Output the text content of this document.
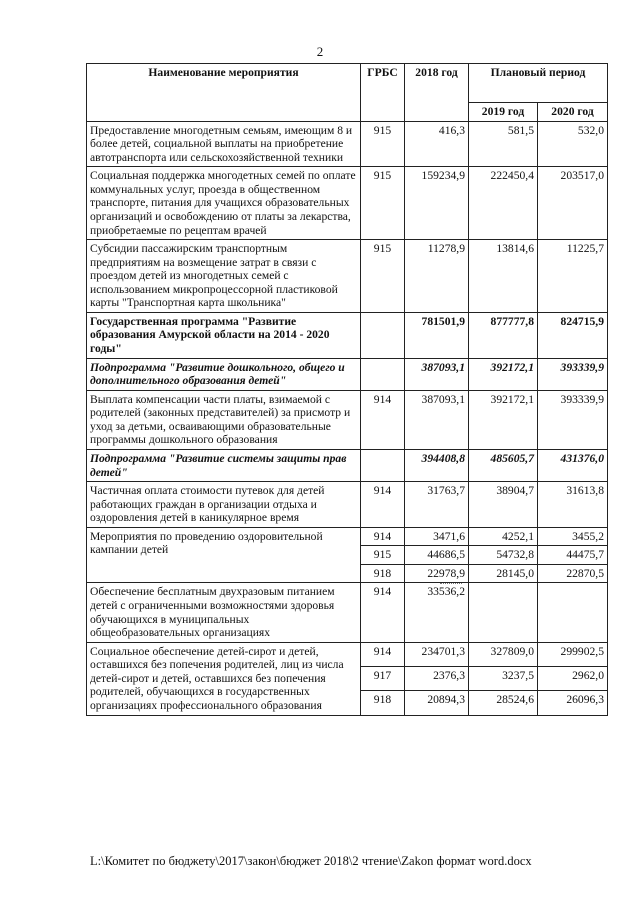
2
Наименование мероприятия	ГРБС	2018 год	Плановый период	
			2019 год	2020 год
Предоставление многодетным семьям, имеющим 8 и более детей, социальной выплаты на приобретение автотранспорта или сельскохозяйственной техники	915	416,3	581,5	532,0
Социальная поддержка многодетных семей по оплате коммунальных услуг, проезда в общественном транспорте, питания для учащихся образовательных организаций и освобождению от платы за лекарства, приобретаемые по рецептам врачей	915	159234,9	222450,4	203517,0
Субсидии пассажирским транспортным предприятиям на возмещение затрат в связи с проездом детей из многодетных семей с использованием микропроцессорной пластиковой карты "Транспортная карта школьника"	915	11278,9	13814,6	11225,7
Государственная программа "Развитие образования Амурской области на 2014 - 2020 годы"		781501,9	877777,8	824715,9
Подпрограмма "Развитие дошкольного, общего и дополнительного образования детей"		387093,1	392172,1	393339,9
Выплата компенсации части платы, взимаемой с родителей (законных представителей) за присмотр и уход за детьми, осваивающими образовательные программы дошкольного образования	914	387093,1	392172,1	393339,9
Подпрограмма "Развитие системы защиты прав детей"		394408,8	485605,7	431376,0
Частичная оплата стоимости путевок для детей работающих граждан в организации отдыха и оздоровления детей в каникулярное время	914	31763,7	38904,7	31613,8
Мероприятия по проведению оздоровительной кампании детей	914	3471,6	4252,1	3455,2
	915	44686,5	54732,8	44475,7
	918	22978,9	28145,0	22870,5
Обеспечение бесплатным двухразовым питанием детей с ограниченными возможностями здоровья обучающихся в муниципальных общеобразовательных организациях	914	33536,2		
Социальное обеспечение детей-сирот и детей, оставшихся без попечения родителей, лиц из числа детей-сирот и детей, оставшихся без попечения родителей, обучающихся в государственных организациях профессионального образования	914	234701,3	327809,0	299902,5
	917	2376,3	3237,5	2962,0
	918	20894,3	28524,6	26096,3
L:\Комитет по бюджету\2017\закон\бюджет 2018\2 чтение\Zakon формат word.docx
